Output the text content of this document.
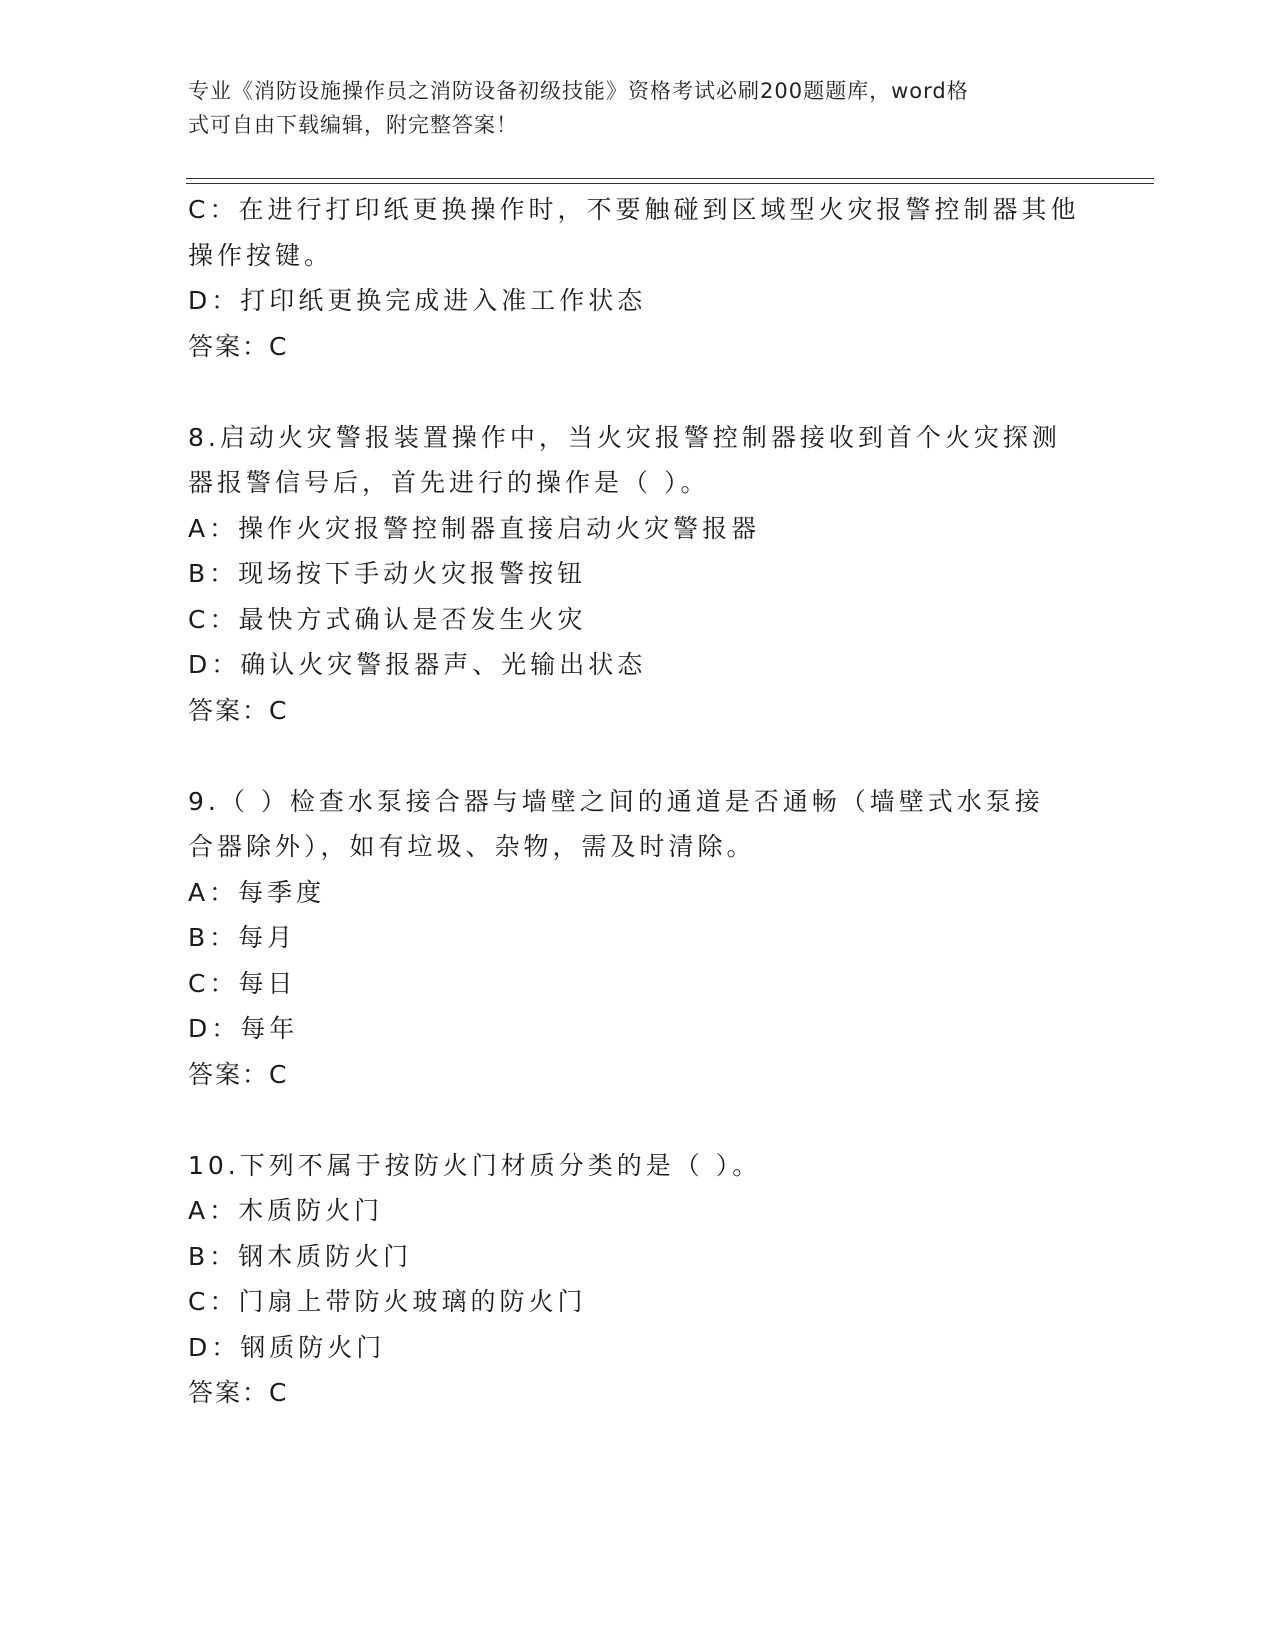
专业《消防设施操作员之消防设备初级技能》资格考试必刷200题题库，word格
式可自由下载编辑，附完整答案！
C：在进行打印纸更换操作时，不要触碰到区域型火灾报警控制器其他
操作按键。
D：打印纸更换完成进入准工作状态
答案：C
8.启动火灾警报装置操作中，当火灾报警控制器接收到首个火灾探测
器报警信号后，首先进行的操作是（ ）。
A：操作火灾报警控制器直接启动火灾警报器
B：现场按下手动火灾报警按钮
C：最快方式确认是否发生火灾
D：确认火灾警报器声、光输出状态
答案：C
9.（ ）检查水泵接合器与墙壁之间的通道是否通畅（墙壁式水泵接
合器除外），如有垃圾、杂物，需及时清除。
A：每季度
B：每月
C：每日
D：每年
答案：C
10.下列不属于按防火门材质分类的是（ ）。
A：木质防火门
B：钢木质防火门
C：门扇上带防火玻璃的防火门
D：钢质防火门
答案：C
